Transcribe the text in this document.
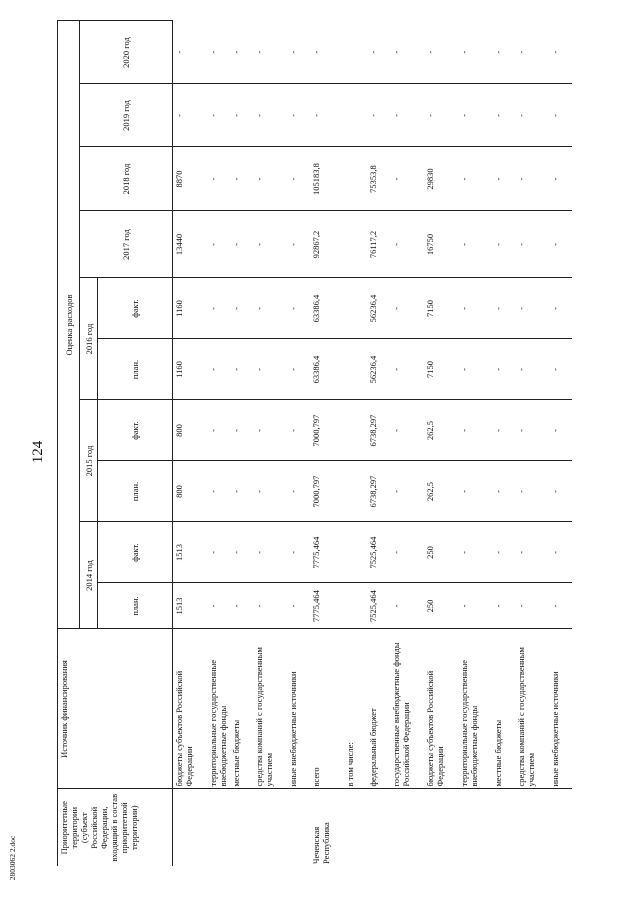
124
2803062 2.doc
Приоритетные территории (субъект Российской Федерации, входящий в состав приоритетной территории)	Источник финансирования	Оценка расходов									
		2014 год		2015 год		2016 год		2017 год	2018 год	2019 год	2020 год
		план.	факт.	план.	факт.	план.	факт.				
	бюджеты субъектов Российской Федерации	1513	1513	800	800	1160	1160	13440	8870	-	-
	территориальные государственные внебюджетные фонды	-	-	-	-	-	-	-	-	-	-
	местные бюджеты	-	-	-	-	-	-	-	-	-	-
	средства компаний с государственным участием	-	-	-	-	-	-	-	-	-	-
	иные внебюджетные источники	-	-	-	-	-	-	-	-	-	-
Чеченская Республика	всего	7775,464	7775,464	7000,797	7000,797	63386,4	63386,4	92867,2	105183,8	-	-
	в том числе:										
	федеральный бюджет	7525,464	7525,464	6738,297	6738,297	56236,4	56236,4	76117,2	75353,8	-	-
	государственные внебюджетные фонды Российской Федерации	-	-	-	-	-	-	-	-	-	-
	бюджеты субъектов Российской Федерации	250	250	262,5	262,5	7150	7150	16750	29830	-	-
	территориальные государственные внебюджетные фонды	-	-	-	-	-	-	-	-	-	-
	местные бюджеты	-	-	-	-	-	-	-	-	-	-
	средства компаний с государственным участием	-	-	-	-	-	-	-	-	-	-
	иные внебюджетные источники	-	-	-	-	-	-	-	-	-	-
